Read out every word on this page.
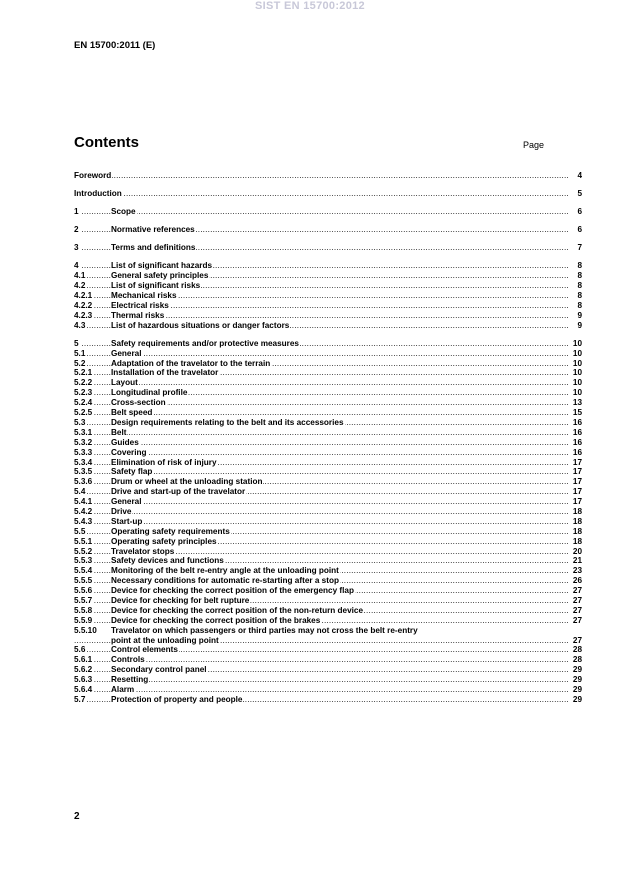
SIST EN 15700:2012
EN 15700:2011 (E)
Contents	Page
.....
Foreword	4
.....
Introduction	5
.....
1	Scope	6
.....
2	Normative references	6
.....
3	Terms and definitions	7
.....
4	List of significant hazards	8
.....
4.1	General safety principles	8
.....
4.2	List of significant risks	8
.....
4.2.1 Mechanical risks	8
.....
4.2.2 Electrical risks	8
.....
4.2.3 Thermal risks	9
.....
4.3	List of hazardous situations or danger factors	9
.....
5	Safety requirements and/or protective measures	10
.....
5.1	General	10
.....
5.2	Adaptation of the travelator to the terrain	10
.....
5.2.1 Installation of the travelator	10
.....
5.2.2 Layout	10
.....
5.2.3 Longitudinal profile	10
.....
5.2.4 Cross-section	13
.....
5.2.5 Belt speed	15
.....
5.3	Design requirements relating to the belt and its accessories	16
.....
5.3.1 Belt	16
.....
5.3.2 Guides	16
.....
5.3.3 Covering	16
.....
5.3.4 Elimination of risk of injury	17
.....
5.3.5 Safety flap	17
.....
5.3.6 Drum or wheel at the unloading station	17
.....
5.4	Drive and start-up of the travelator	17
.....
5.4.1 General	17
.....
5.4.2 Drive	18
.....
5.4.3 Start-up	18
.....
5.5	Operating safety requirements	18
.....
5.5.1 Operating safety principles	18
.....
5.5.2 Travelator stops	20
.....
5.5.3 Safety devices and functions	21
.....
5.5.4 Monitoring of the belt re-entry angle at the unloading point	23
.....
5.5.5 Necessary conditions for automatic re-starting after a stop	26
.....
5.5.6 Device for checking the correct position of the emergency flap	27
.....
5.5.7 Device for checking for belt rupture	27
.....
5.5.8 Device for checking the correct position of the non-return device	27
.....
5.5.9 Device for checking the correct position of the brakes	27
5.5.10 Travelator on which passengers or third parties may not cross the belt re-entry
.....
point at the unloading point	27
.....
5.6	Control elements	28
.....
5.6.1 Controls	28
.....
5.6.2 Secondary control panel	29
.....
5.6.3 Resetting	29
.....
5.6.4 Alarm	29
.....
5.7	Protection of property and people	29
2
